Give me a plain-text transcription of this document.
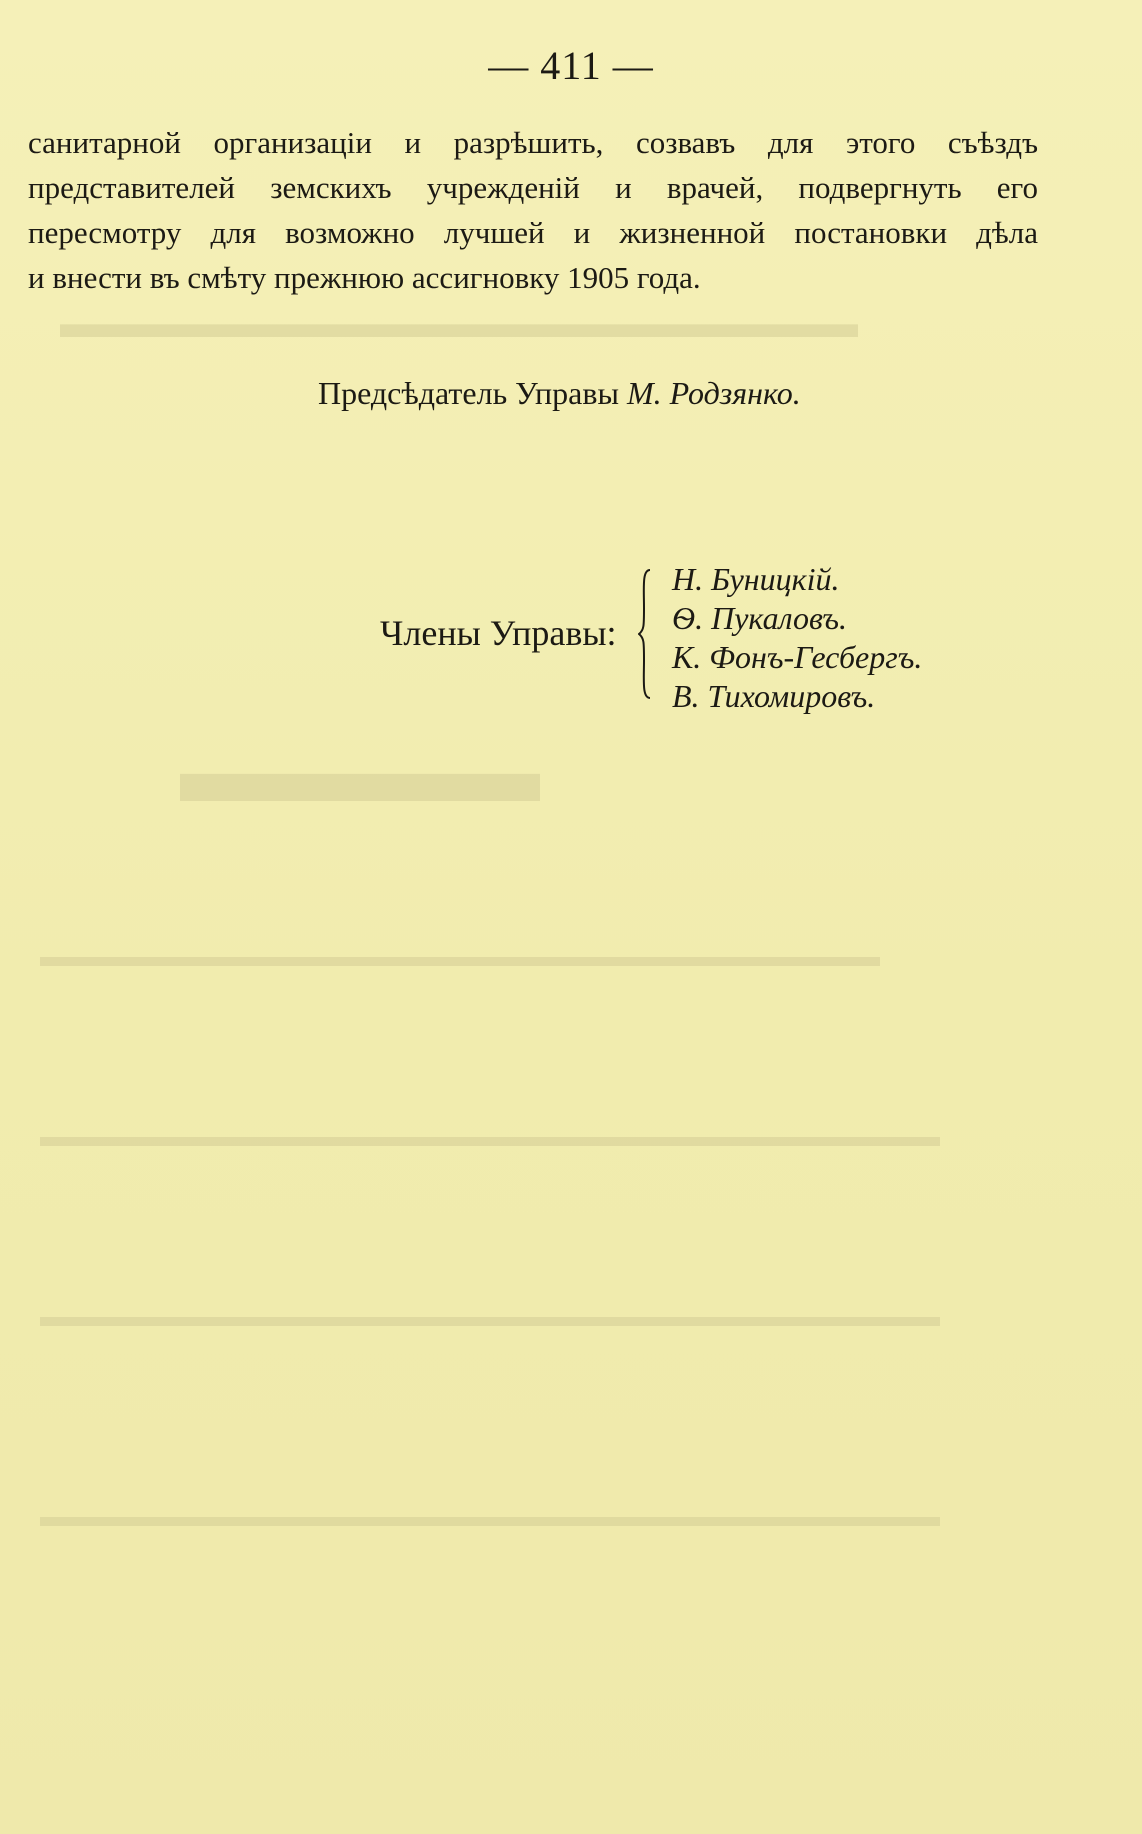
▬▬▬▬▬▬▬▬▬▬▬▬▬▬▬▬▬▬▬
▬▬▬▬
▬▬▬▬▬▬▬▬▬▬▬▬▬▬▬▬▬▬▬▬▬▬▬▬▬▬▬▬
▬▬▬▬▬▬▬▬▬▬▬▬▬▬▬▬▬▬▬▬▬▬▬▬▬▬▬▬▬▬
▬▬▬▬▬▬▬▬▬▬▬▬▬▬▬▬▬▬▬▬▬▬▬▬▬▬▬▬▬▬
▬▬▬▬▬▬▬▬▬▬▬▬▬▬▬▬▬▬▬▬▬▬▬▬▬▬▬▬▬▬
— 411 —
санитарной организаціи и разрѣшить, созвавъ для этого съѣздъ
представителей земскихъ учрежденій и врачей, подвергнуть его
пересмотру для возможно лучшей и жизненной постановки дѣла
и внести въ смѣту прежнюю ассигновку 1905 года.
Предсѣдатель Управы М. Родзянко.
Члены Управы:
Н. Буницкій.
Ѳ. Пукаловъ.
К. Фонъ-Гесбергъ.
В. Тихомировъ.
